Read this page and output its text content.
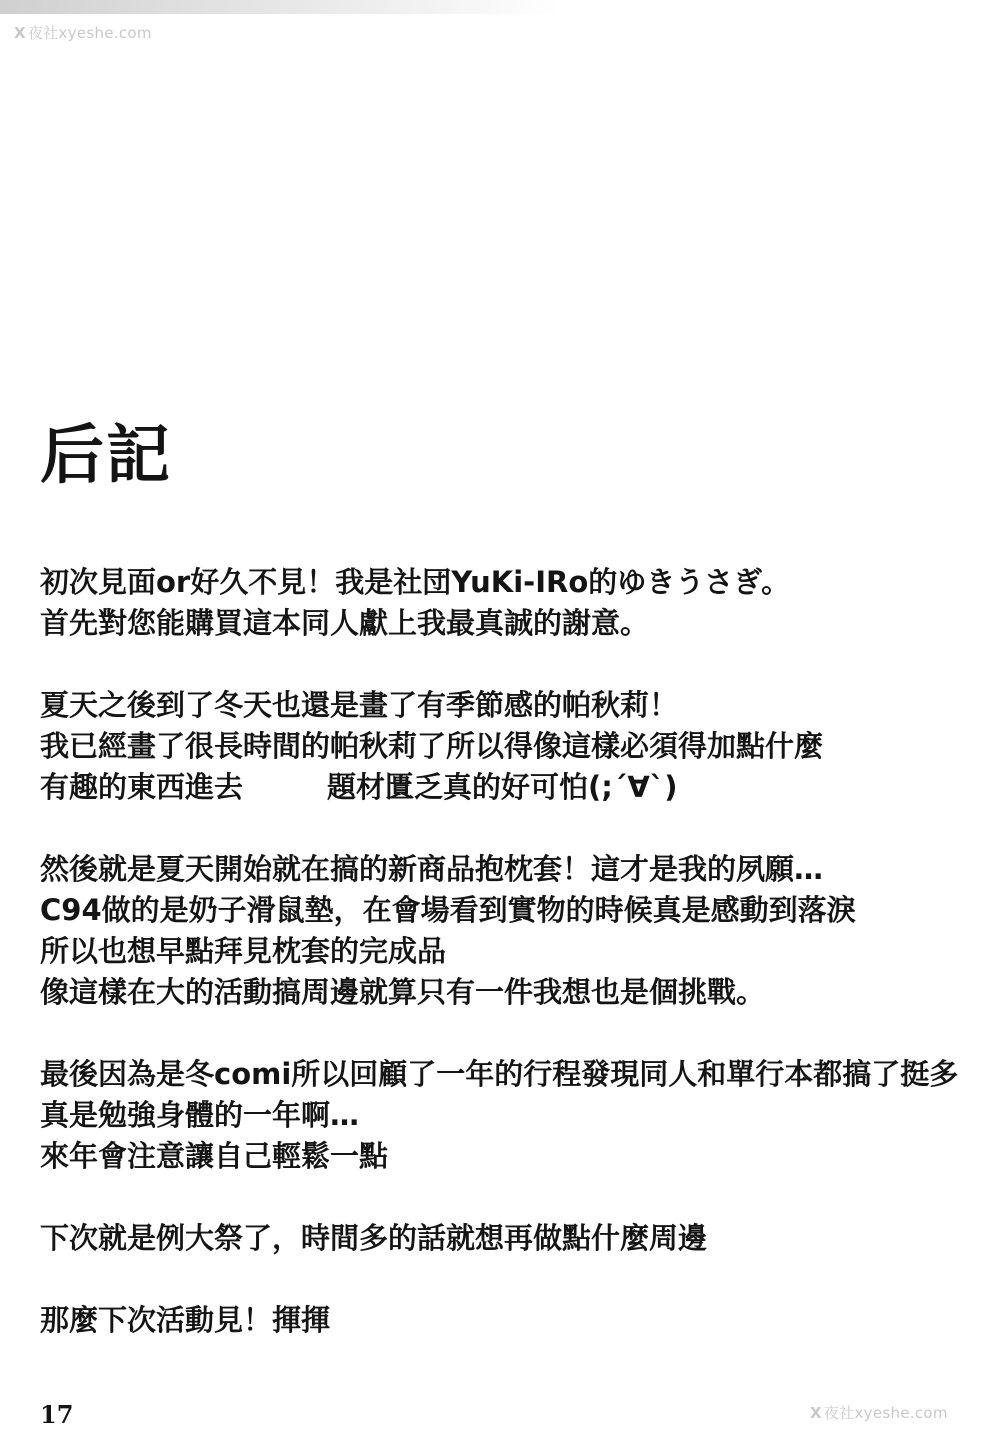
X 夜社xyeshe.com
后記
初次見面or好久不見！我是社団YuKi-IRo的ゆきうさぎ。
首先對您能購買這本同人獻上我最真誠的謝意。
夏天之後到了冬天也還是畫了有季節感的帕秋莉！
我已經畫了很長時間的帕秋莉了所以得像這樣必須得加點什麼
有趣的東西進去	題材匱乏真的好可怕(;´∀`)
然後就是夏天開始就在搞的新商品抱枕套！這才是我的夙願…
C94做的是奶子滑鼠墊，在會場看到實物的時候真是感動到落淚
所以也想早點拜見枕套的完成品
像這樣在大的活動搞周邊就算只有一件我想也是個挑戰。
最後因為是冬comi所以回顧了一年的行程發現同人和單行本都搞了挺多
真是勉強身體的一年啊…
來年會注意讓自己輕鬆一點
下次就是例大祭了，時間多的話就想再做點什麼周邊
那麼下次活動見！揮揮
17	X 夜社xyeshe.com
